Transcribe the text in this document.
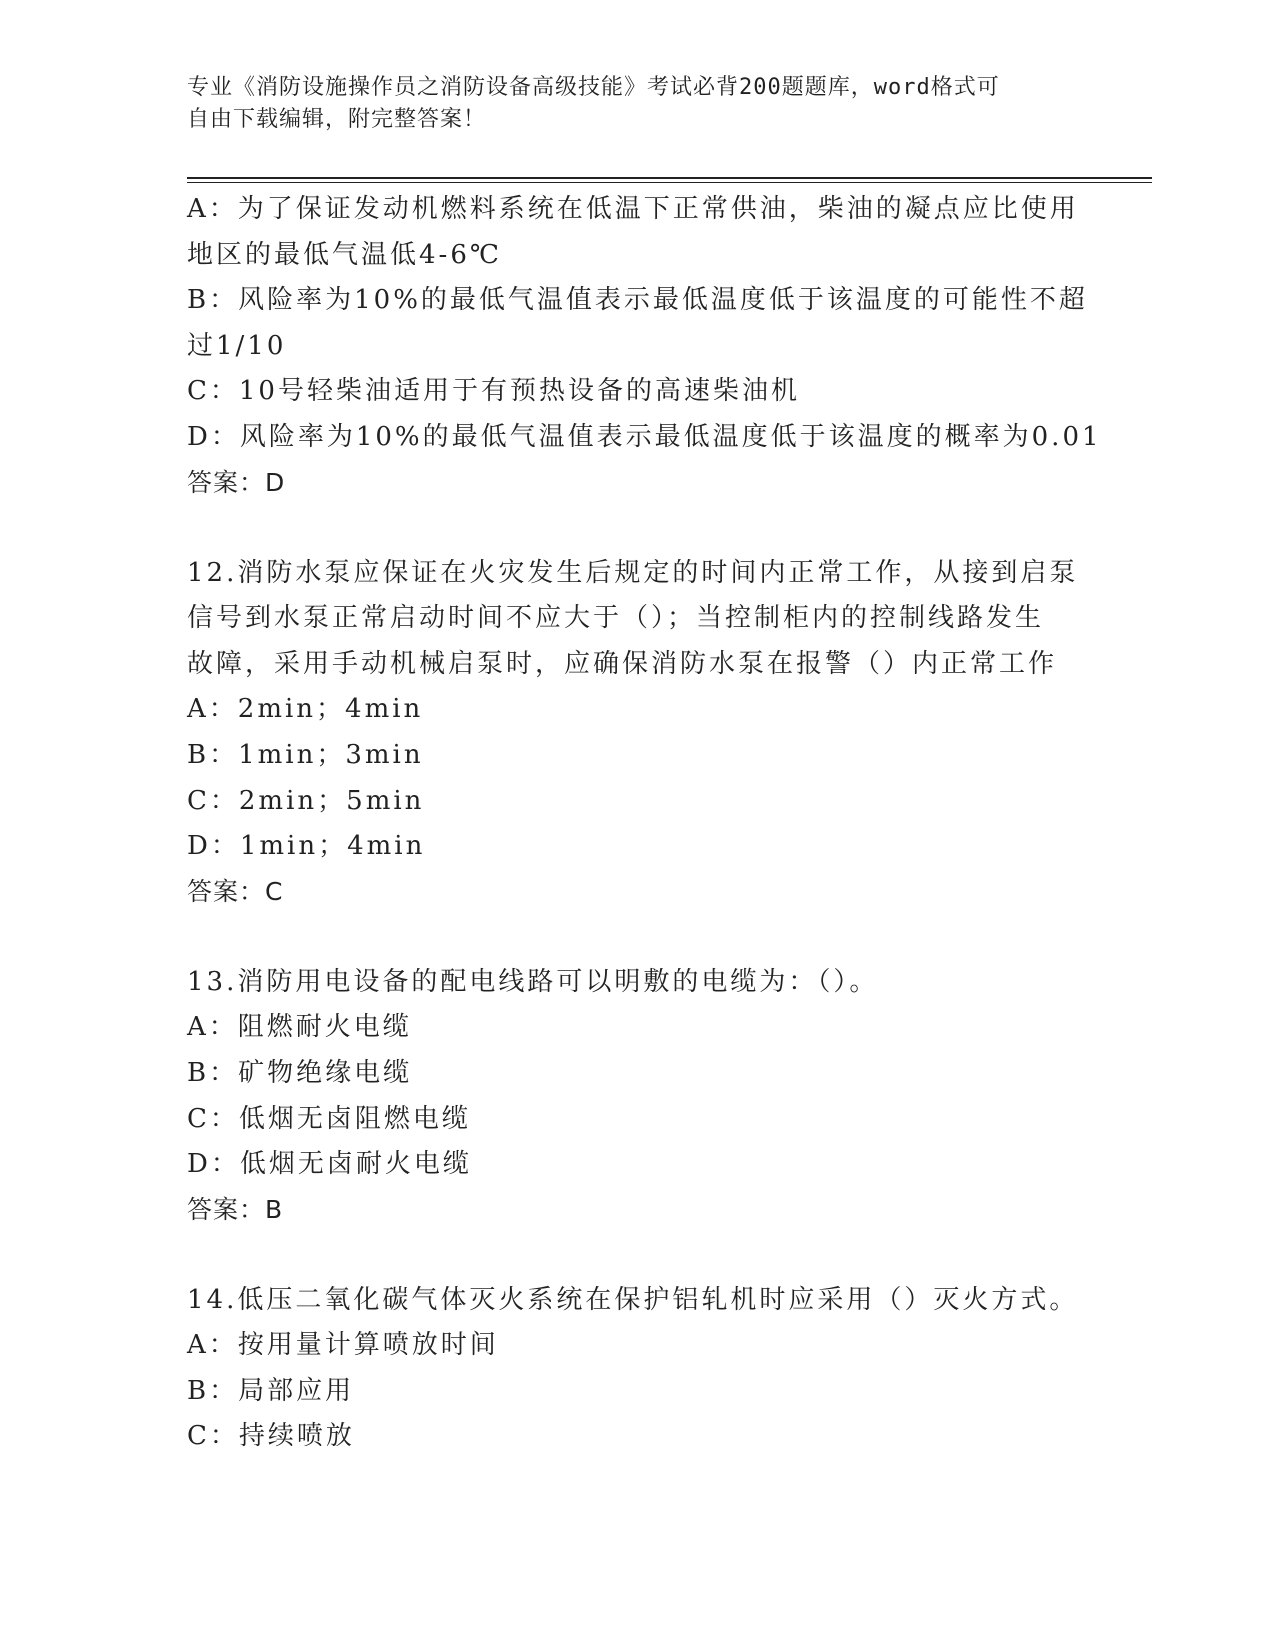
专业《消防设施操作员之消防设备高级技能》考试必背200题题库，word格式可
自由下载编辑，附完整答案！
A：为了保证发动机燃料系统在低温下正常供油，柴油的凝点应比使用
地区的最低气温低4-6℃
B：风险率为10%的最低气温值表示最低温度低于该温度的可能性不超
过1/10
C：10号轻柴油适用于有预热设备的高速柴油机
D：风险率为10%的最低气温值表示最低温度低于该温度的概率为0.01
答案：D
12.消防水泵应保证在火灾发生后规定的时间内正常工作，从接到启泵
信号到水泵正常启动时间不应大于（）；当控制柜内的控制线路发生
故障，采用手动机械启泵时，应确保消防水泵在报警（）内正常工作
A：2min；4min
B：1min；3min
C：2min；5min
D：1min；4min
答案：C
13.消防用电设备的配电线路可以明敷的电缆为：（）。
A：阻燃耐火电缆
B：矿物绝缘电缆
C：低烟无卤阻燃电缆
D：低烟无卤耐火电缆
答案：B
14.低压二氧化碳气体灭火系统在保护铝轧机时应采用（）灭火方式。
A：按用量计算喷放时间
B：局部应用
C：持续喷放
